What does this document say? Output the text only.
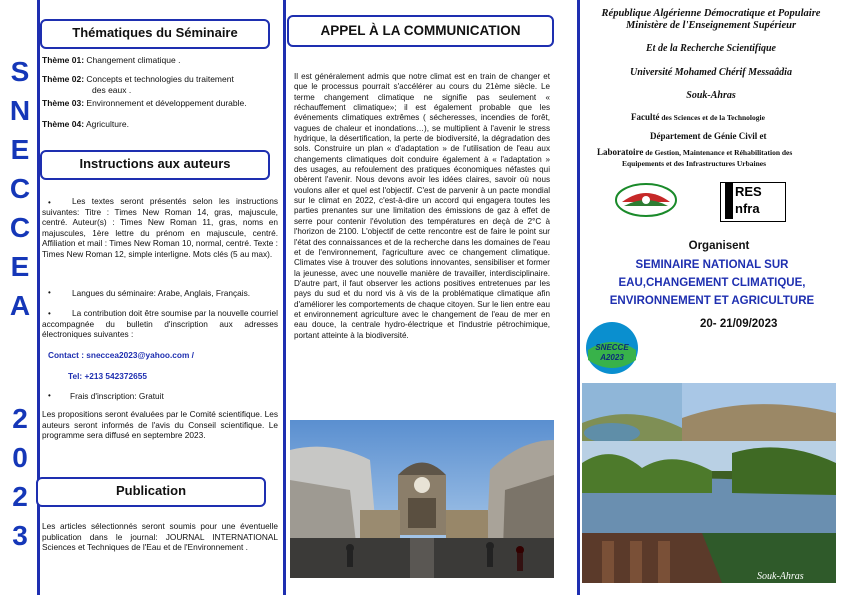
S
N
E
C
C
E
A
2
0
2
3
Thématiques du Séminaire
Thème 01: Changement climatique .
Thème 02: Concepts et technologies du traitement
des eaux .
Thème 03: Environnement et développement durable.
Thème 04: Agriculture.
Instructions aux auteurs
•	Les textes seront présentés selon les instructions suivantes: Titre : Times New Roman 14, gras, majuscule, centré. Auteur(s) : Times New Roman 11, gras, noms en majuscules, 1ère lettre du prénom en majuscule, centré. Affiliation et mail : Times New Roman 10, normal, centré. Texte : Times New Roman 12, simple interligne. Mots clés (5 au max).
•	Langues du séminaire: Arabe, Anglais, Français.
•	La contribution doit être soumise par la nouvelle courriel accompagnée du bulletin d'inscription aux adresses électroniques suivantes :
Contact : sneccea2023@yahoo.com /
Tel: +213 542372655
• Frais d'inscription: Gratuit
Les propositions seront évaluées par le Comité scientifique. Les auteurs seront informés de l'avis du Conseil scientifique. Le programme sera diffusé en septembre 2023.
Publication
Les articles sélectionnés seront soumis pour une éventuelle publication dans le journal: JOURNAL INTERNATIONAL Sciences et Techniques de l'Eau et de l'Environnement .
APPEL À LA COMMUNICATION
Il est généralement admis que notre climat est en train de changer et que le processus pourrait s'accélérer au cours du 21ème siècle. Le terme changement climatique ne signifie pas seulement « réchauffement climatique»; il est également probable que les événements climatiques extrêmes ( sécheresses, incendies de forêt, vagues de chaleur et inondations…), se multiplient à l'avenir le stress hydrique, la désertification, la perte de biodiversité, la dégradation des sols. Construire un plan « d'adaptation » de l'utilisation de l'eau aux changements climatiques doit conduire également à « l'adaptation » des usages, au refoulement des pratiques économiques néfastes qui obèrent l'avenir. Nous devons avoir les idées claires, savoir où nous voulons aller et quel est l'objectif. C'est de parvenir à un pacte mondial sur le climat en 2022, c'est-à-dire un accord qui engagera toutes les parties prenantes sur une limitation des émissions de gaz à effet de serre pour contenir l'évolution des températures en deçà de 2°C à l'horizon de 2100. L'objectif de cette rencontre est de faire le point sur l'état des connaissances et de la recherche dans les domaines de l'eau et de l'environnement, l'agriculture avec ce changement climatique. Climates vise à trouver des solutions innovantes, sensibiliser et former la jeunesse, avec une nouvelle manière de travailler, interdisciplinaire. D'autre part, il faut observer les actions positives entretenues par les pays du sud et du nord vis à vis de la problématique climatique afin d'améliorer les comportements de chaque citoyen. Sur le lien entre eau et environnement agriculture avec le changement de l'eau de mer en eau douce, la centrale hydro-électrique et l'industrie pétrochimique, portant atteinte à la biodiversité.
République Algérienne Démocratique et Populaire
Ministère de l'Enseignement Supérieur
Et de la Recherche Scientifique
Université Mohamed Chérif Messaâdia
Souk-Ahras
Faculté des Sciences et de la Technologie
Département de Génie Civil et
Laboratoire de Gestion, Maintenance et Réhabilitation des
Equipements et des Infrastructures Urbaines
RES
nfra
Organisent
SEMINAIRE NATIONAL SUR
EAU,CHANGEMENT CLIMATIQUE,
ENVIRONNEMENT ET AGRICULTURE
20- 21/09/2023
SNECCE
A2023
Souk-Ahras
